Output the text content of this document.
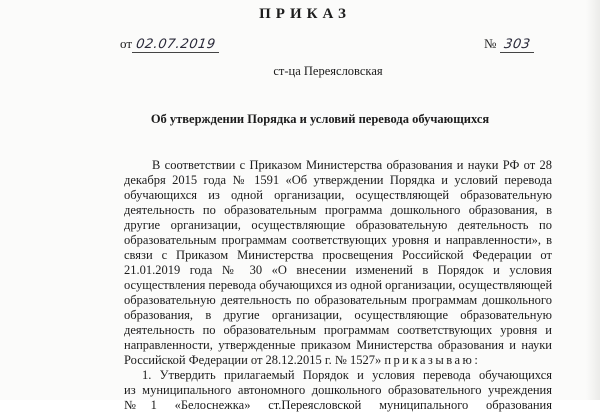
ПРИКАЗ
от 02.07.2019	№ 303
ст-ца Переясловская
Об утверждении Порядка и условий перевода обучающихся
В соответствии с Приказом Министерства образования и науки РФ от 28
декабря 2015 года № 1591 «Об утверждении Порядка и условий перевода
обучающихся из одной организации, осуществляющей образовательную
деятельность по образовательным программа дошкольного образования, в
другие организации, осуществляющие образовательную деятельность по
образовательным программам соответствующих уровня и направленности», в
связи с Приказом Министерства просвещения Российской Федерации от
21.01.2019 года № 30 «О внесении изменений в Порядок и условия
осуществления перевода обучающихся из одной организации, осуществляющей
образовательную деятельность по образовательным программам дошкольного
образования, в другие организации, осуществляющие образовательную
деятельность по образовательным программам соответствующих уровня и
направленности, утвержденные приказом Министерства образования и науки
Российской Федерации от 28.12.2015 г. № 1527» приказываю:
1. Утвердить прилагаемый Порядок и условия перевода обучающихся
из муниципального автономного дошкольного образовательного учреждения
№1 «Белоснежка» ст.Переясловской муниципального образования
